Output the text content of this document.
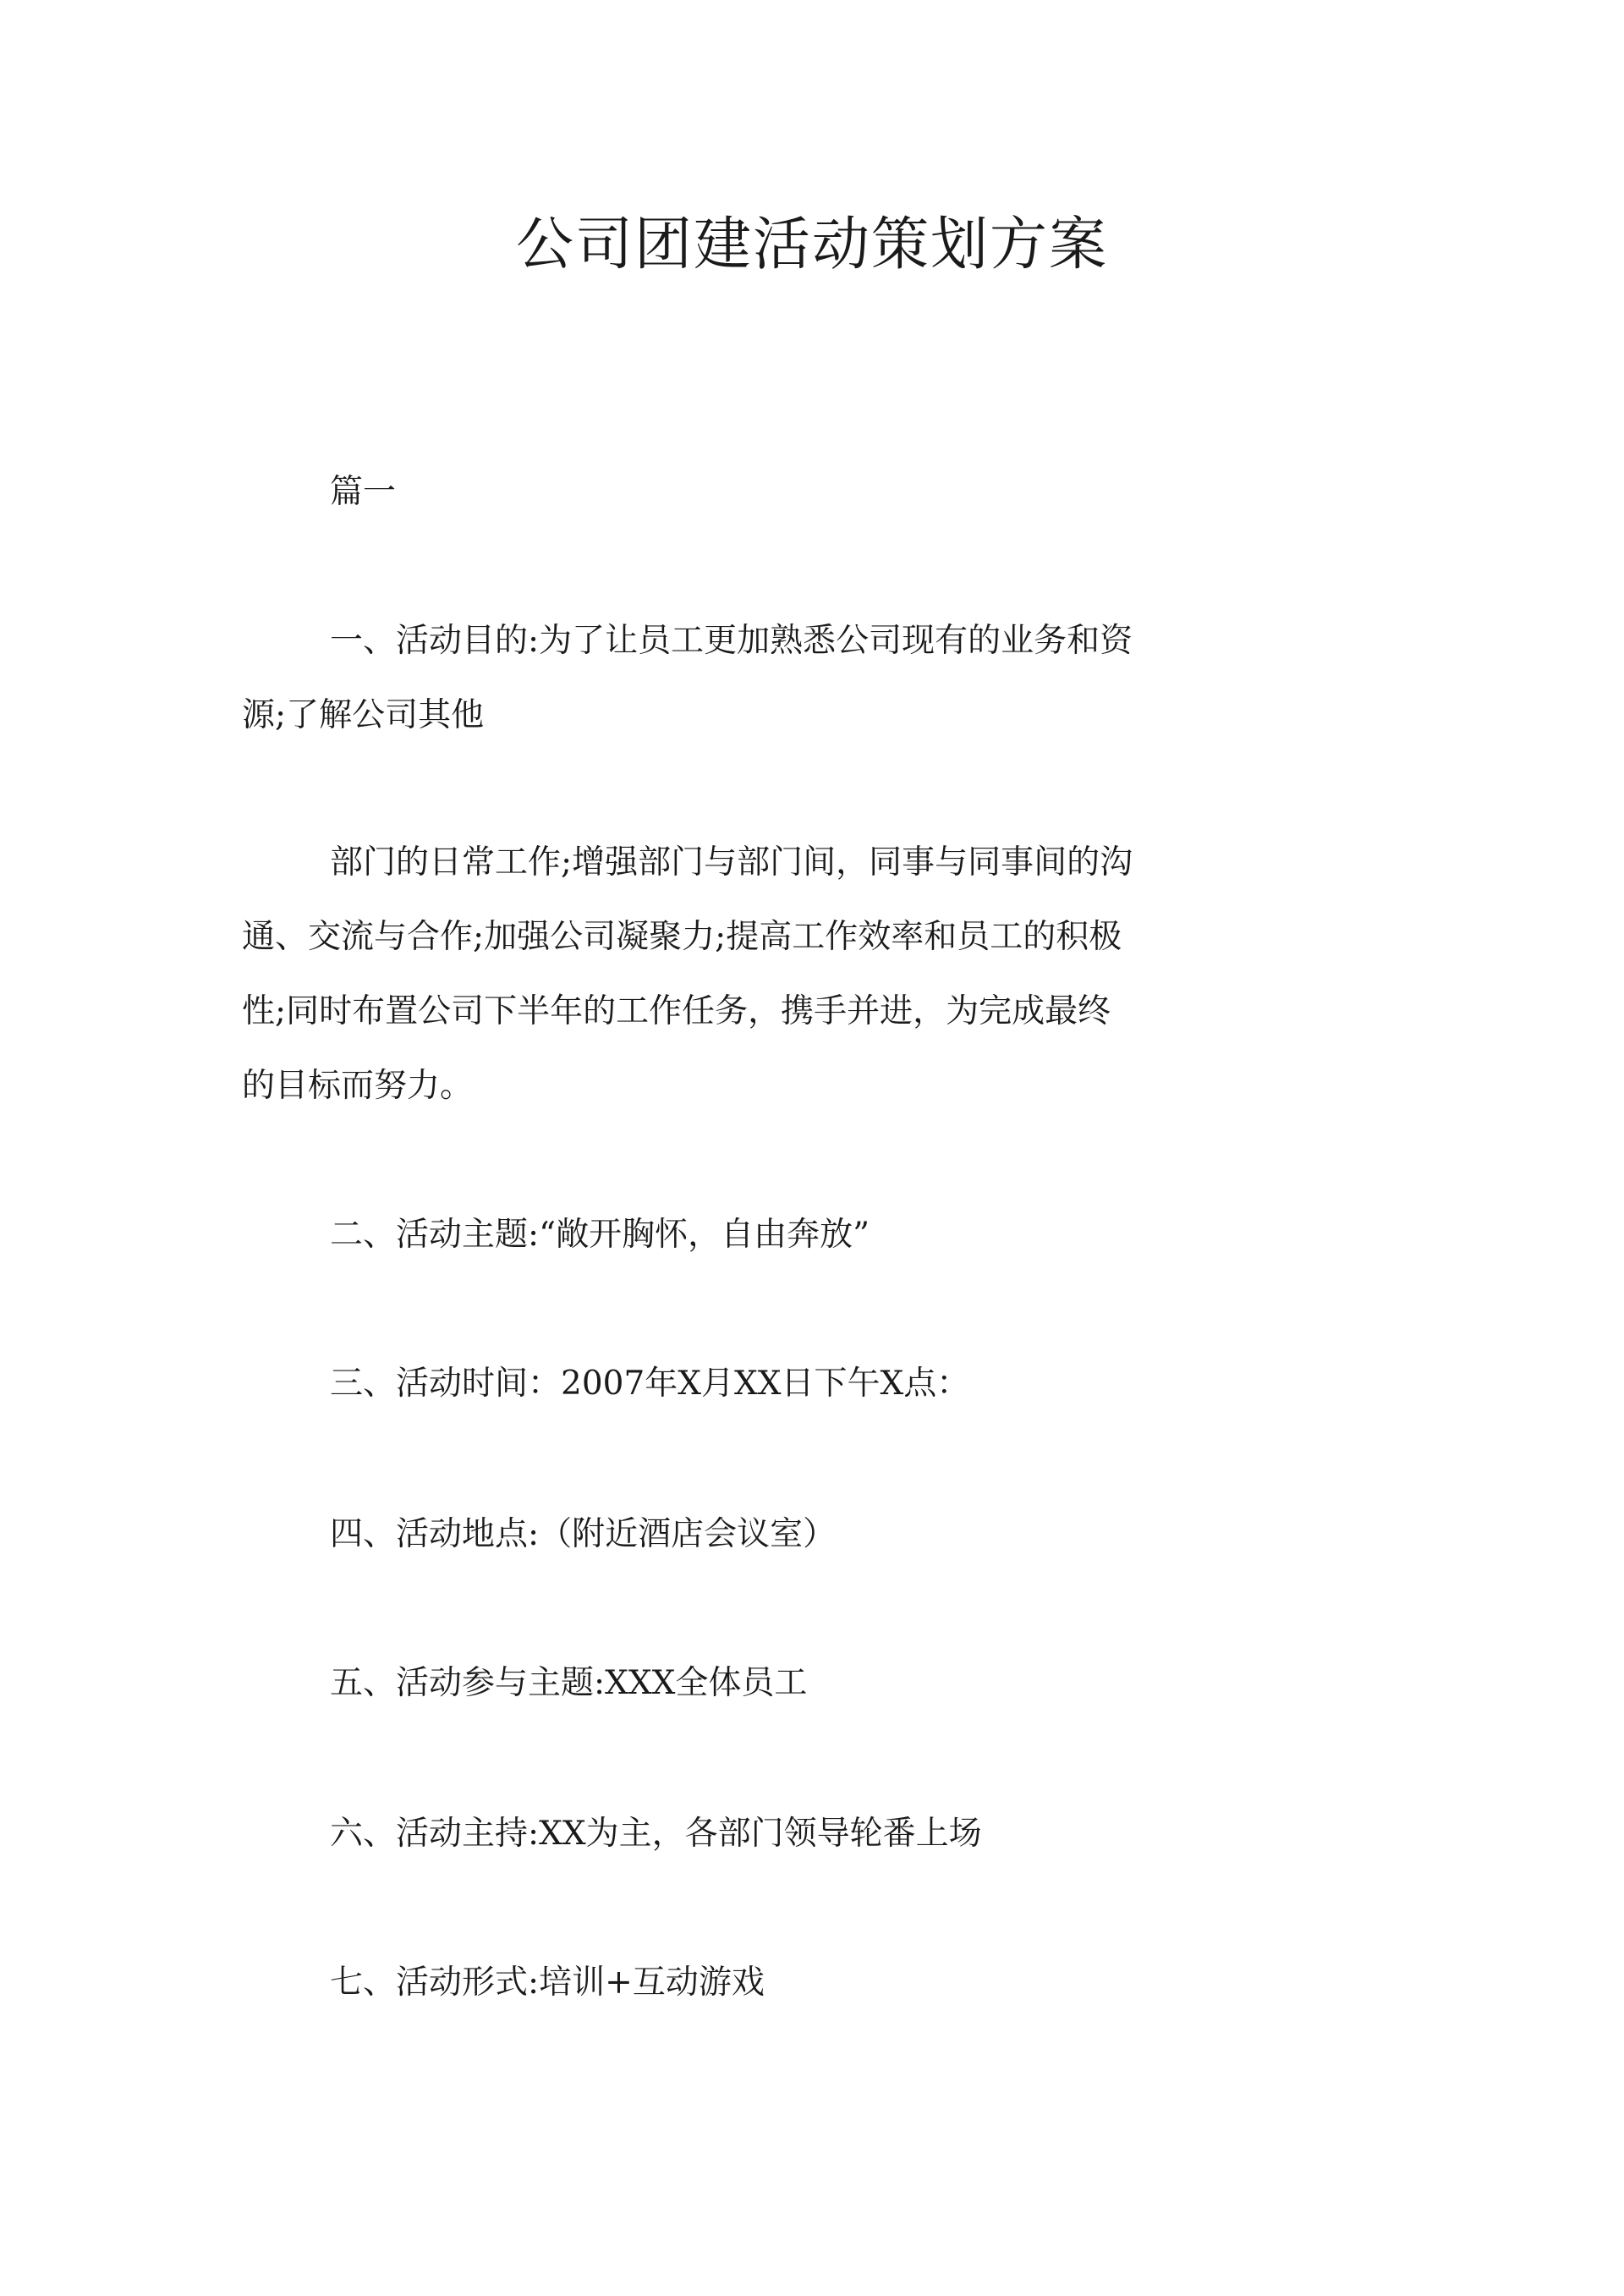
公司团建活动策划方案

篇一

一、活动目的:为了让员工更加熟悉公司现有的业务和资源;了解公司其他

部门的日常工作;增强部门与部门间，同事与同事间的沟通、交流与合作;加强公司凝聚力;提高工作效率和员工的积极性;同时布置公司下半年的工作任务，携手并进，为完成最终的目标而努力。

二、活动主题:“敞开胸怀，自由奔放”

三、活动时间：2007年X月XX日下午X点：

四、活动地点:（附近酒店会议室）

五、活动参与主题:XXX全体员工

六、活动主持:XX为主，各部门领导轮番上场

七、活动形式:培训+互动游戏
